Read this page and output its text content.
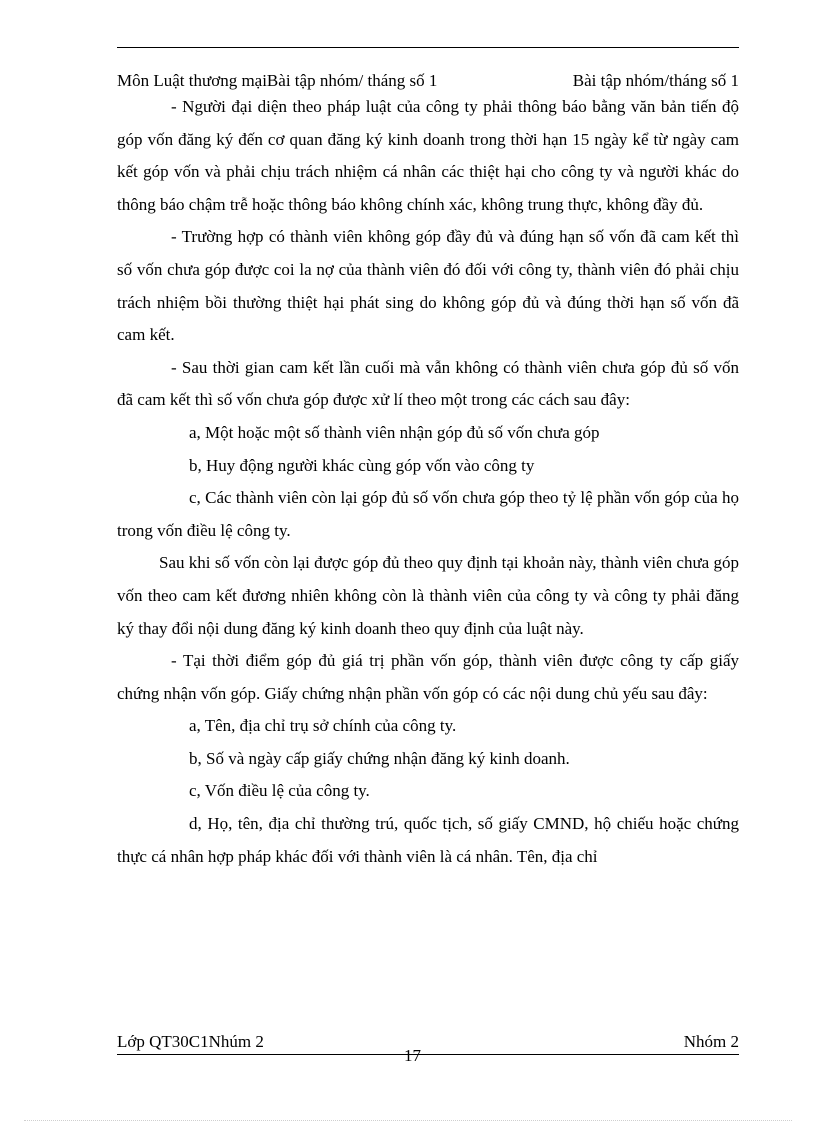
Môn Luật thương mạiBài tập nhóm/ tháng số 1	Bài tập nhóm/tháng số 1

- Người đại diện theo pháp luật của công ty phải thông báo bằng văn bản tiến độ góp vốn đăng ký đến cơ quan đăng ký kinh doanh trong thời hạn 15 ngày kể từ ngày cam kết góp vốn và phải chịu trách nhiệm cá nhân các thiệt hại cho công ty và người khác do thông báo chậm trễ hoặc thông báo không chính xác, không trung thực, không đầy đủ.

- Trường hợp có thành viên không góp đầy đủ và đúng hạn số vốn đã cam kết thì số vốn chưa góp được coi la nợ của thành viên đó đối với công ty, thành viên đó phải chịu trách nhiệm bồi thường thiệt hại phát sing do không góp đủ và đúng thời hạn số vốn đã cam kết.

- Sau thời gian cam kết lần cuối mà vẫn không có thành viên chưa góp đủ số vốn đã cam kết thì số vốn chưa góp được xử lí theo một trong các cách sau đây:

a, Một hoặc một số thành viên nhận góp đủ số vốn chưa góp

b, Huy động người khác cùng góp vốn vào công ty

c, Các thành viên còn lại góp đủ số vốn chưa góp theo tỷ lệ phần vốn góp của họ trong vốn điều lệ công ty.

Sau khi số vốn còn lại được góp đủ theo quy định tại khoản này, thành viên chưa góp vốn theo cam kết đương nhiên không còn là thành viên của công ty và công ty phải đăng ký thay đổi nội dung đăng ký kinh doanh theo quy định của luật này.

- Tại thời điểm góp đủ giá trị phần vốn góp, thành viên được công ty cấp giấy chứng nhận vốn góp. Giấy chứng nhận phần vốn góp có các nội dung chủ yếu sau đây:

a, Tên, địa chỉ trụ sở chính của công ty.

b, Số và ngày cấp giấy chứng nhận đăng ký kinh doanh.

c, Vốn điều lệ của công ty.

d, Họ, tên, địa chỉ thường trú, quốc tịch, số giấy CMND, hộ chiếu hoặc chứng thực cá nhân hợp pháp khác đối với thành viên là cá nhân. Tên, địa chỉ

Lớp QT30C1Nhúm 2	Nhóm 2
17
